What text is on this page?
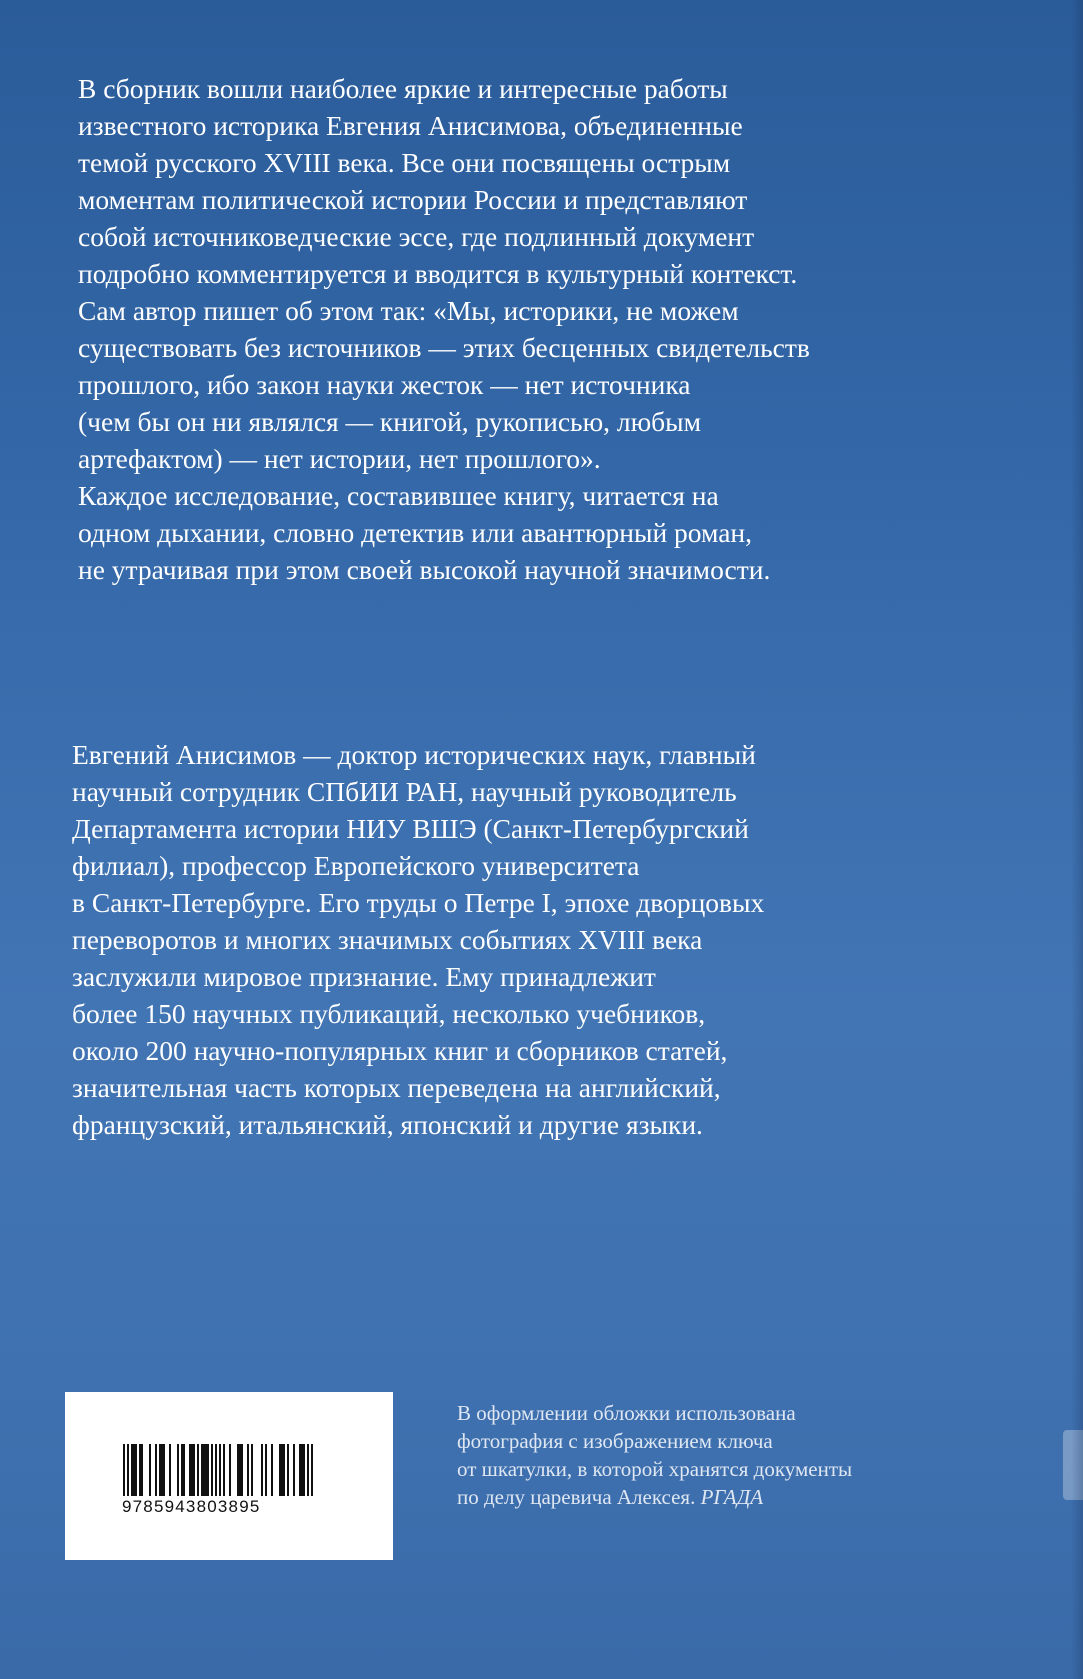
В сборник вошли наиболее яркие и интересные работы
известного историка Евгения Анисимова, объединенные
темой русского XVIII века. Все они посвящены острым
моментам политической истории России и представляют
собой источниковедческие эссе, где подлинный документ
подробно комментируется и вводится в культурный контекст.
Сам автор пишет об этом так: «Мы, историки, не можем
существовать без источников — этих бесценных свидетельств
прошлого, ибо закон науки жесток — нет источника
(чем бы он ни являлся — книгой, рукописью, любым
артефактом) — нет истории, нет прошлого».
Каждое исследование, составившее книгу, читается на
одном дыхании, словно детектив или авантюрный роман,
не утрачивая при этом своей высокой научной значимости.

Евгений Анисимов — доктор исторических наук, главный
научный сотрудник СПбИИ РАН, научный руководитель
Департамента истории НИУ ВШЭ (Санкт-Петербургский
филиал), профессор Европейского университета
в Санкт-Петербурге. Его труды о Петре I, эпохе дворцовых
переворотов и многих значимых событиях XVIII века
заслужили мировое признание. Ему принадлежит
более 150 научных публикаций, несколько учебников,
около 200 научно-популярных книг и сборников статей,
значительная часть которых переведена на английский,
французский, итальянский, японский и другие языки.

9785943803895

В оформлении обложки использована
фотография с изображением ключа
от шкатулки, в которой хранятся документы
по делу царевича Алексея. РГАДА
